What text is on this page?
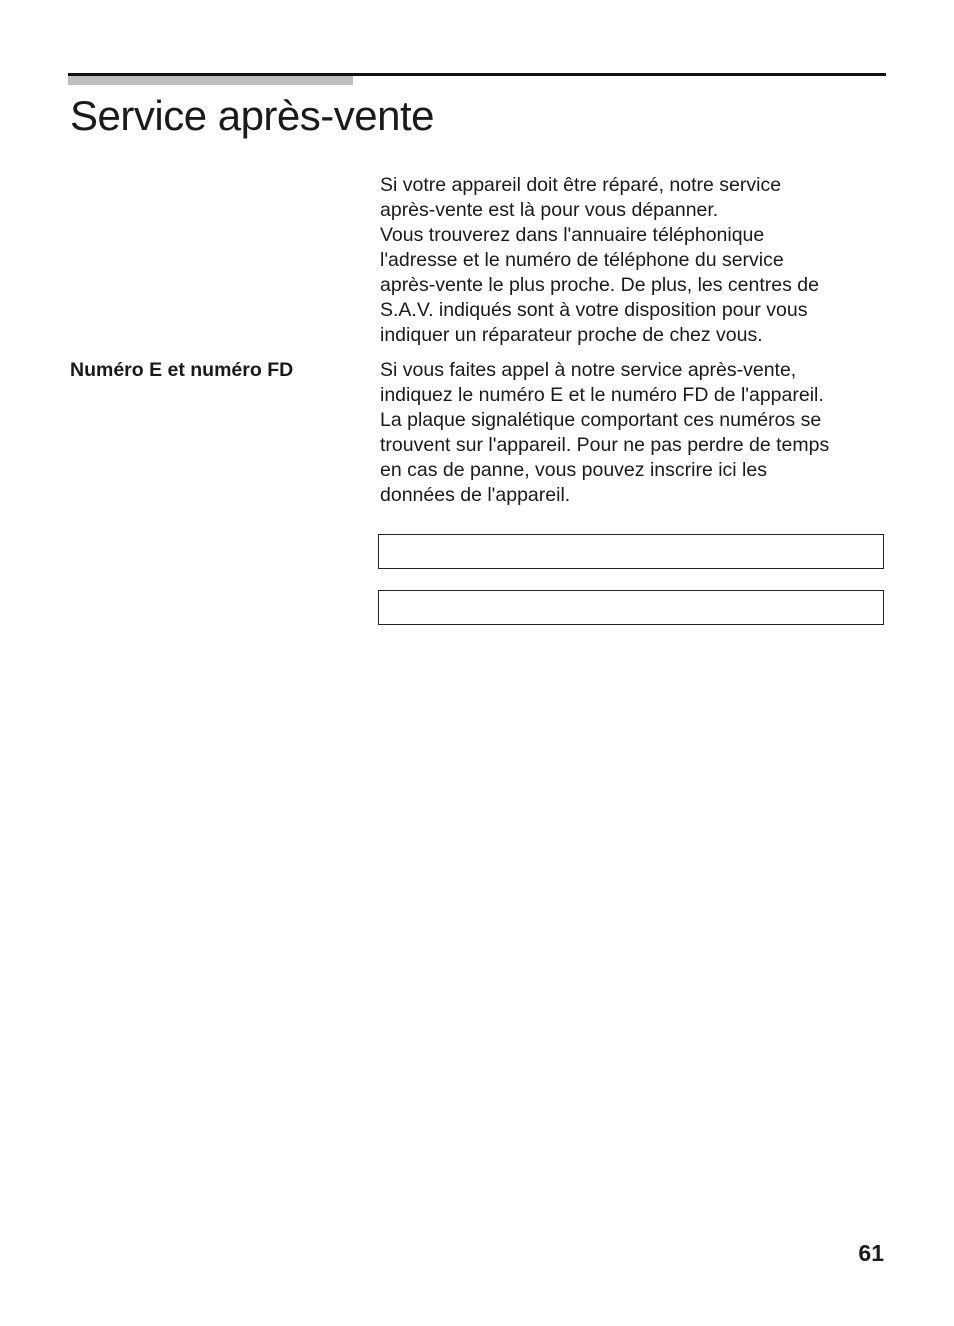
Service après-vente

Si votre appareil doit être réparé, notre service
après-vente est là pour vous dépanner.
Vous trouverez dans l'annuaire téléphonique
l'adresse et le numéro de téléphone du service
après-vente le plus proche. De plus, les centres de
S.A.V. indiqués sont à votre disposition pour vous
indiquer un réparateur proche de chez vous.

Numéro E et numéro FD	Si vous faites appel à notre service après-vente,
indiquez le numéro E et le numéro FD de l'appareil.
La plaque signalétique comportant ces numéros se
trouvent sur l'appareil. Pour ne pas perdre de temps
en cas de panne, vous pouvez inscrire ici les
données de l'appareil.

61
